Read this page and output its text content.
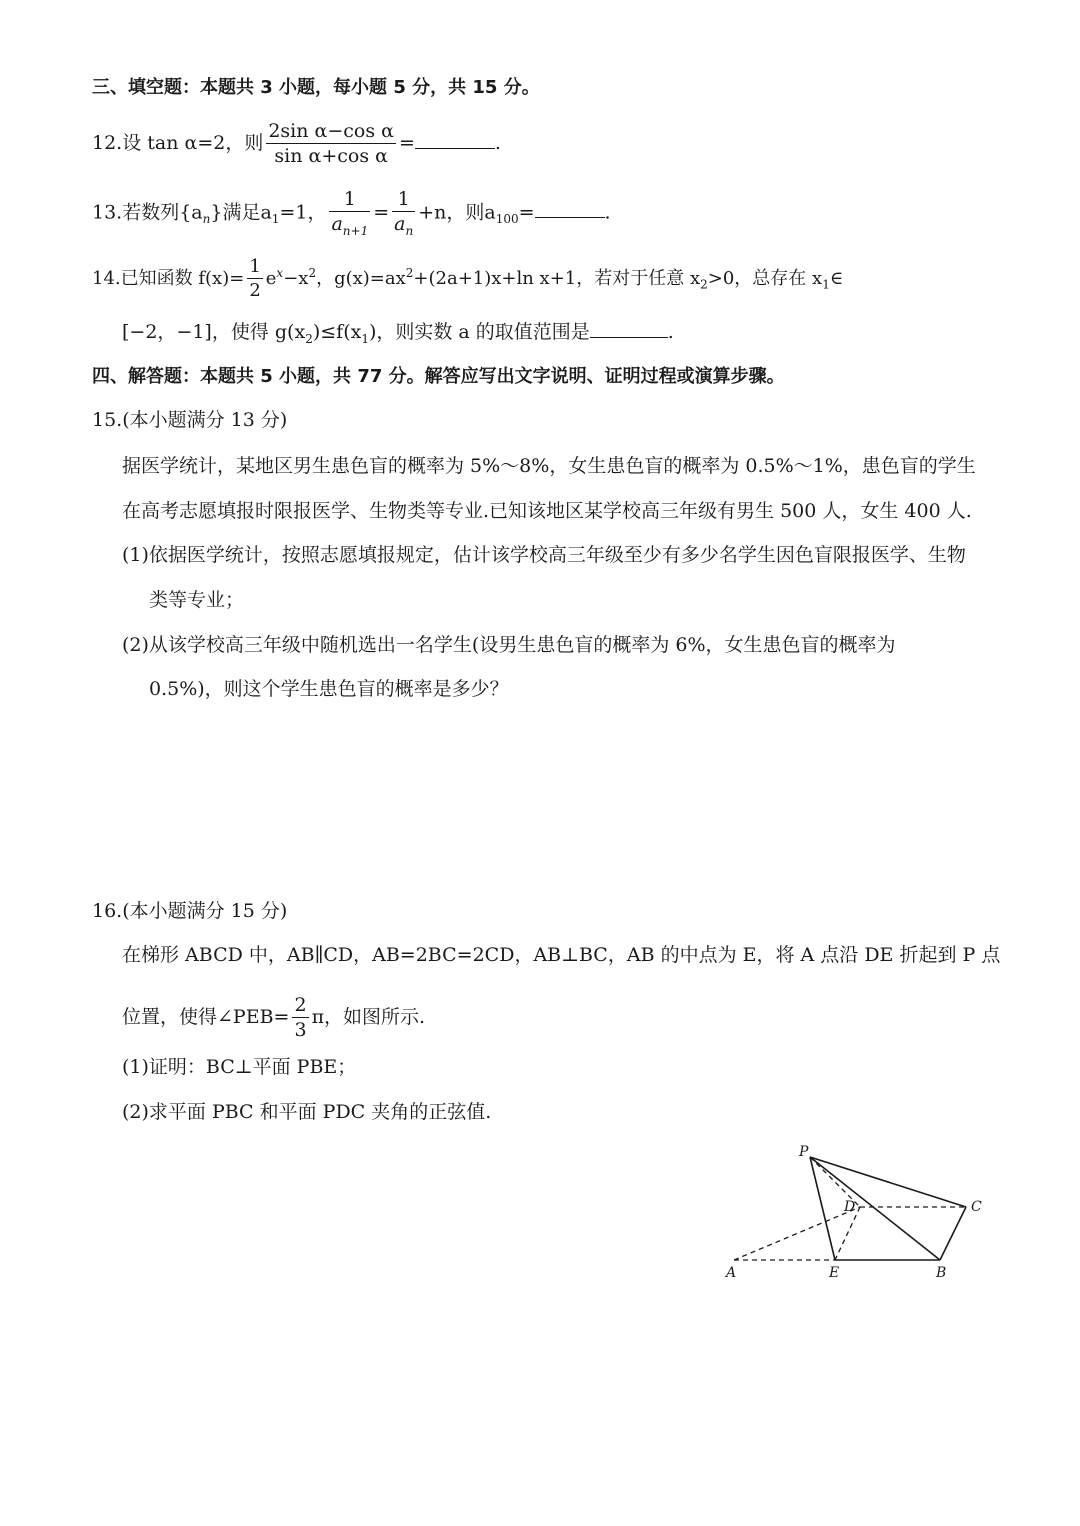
三、填空题：本题共 3 小题，每小题 5 分，共 15 分。
12.设 tan α=2，则 $\frac{\text{2sin α−cos α}}{\text{sin α+cos α}}$ =	.
13.若数列$\{a_n\}$满足$a_1=1$， $\frac{1}{a_{n+1}} = \frac{1}{a_n} +n$，则$a_{100}=$	.
14.已知函数 $f(x)= \frac{1}{2} e^x-x^2$，$g(x)=ax^2+(2a+1)x+\ln$ x+1，若对于任意 $x_2>0$，总存在 $x_1\in$
[−2，−1]，使得 $g(x_2)\le f(x_1)$，则实数 a 的取值范围是	.
四、解答题：本题共 5 小题，共 77 分。解答应写出文字说明、证明过程或演算步骤。
15.(本小题满分 13 分)
据医学统计，某地区男生患色盲的概率为 5%～8%，女生患色盲的概率为 0.5%～1%，患色盲的学生
在高考志愿填报时限报医学、生物类等专业.已知该地区某学校高三年级有男生 500 人，女生 400 人.
(1)依据医学统计，按照志愿填报规定，估计该学校高三年级至少有多少名学生因色盲限报医学、生物
类等专业；
(2)从该学校高三年级中随机选出一名学生(设男生患色盲的概率为 6%，女生患色盲的概率为
0.5%)，则这个学生患色盲的概率是多少？
16.(本小题满分 15 分)
在梯形 ABCD 中，AB∥CD，AB=2BC=2CD，AB⊥BC，AB 的中点为 E，将 A 点沿 DE 折起到 P 点
位置，使得∠PEB= $\frac{2}{3}$ π，如图所示.
(1)证明：BC⊥平面 PBE；
(2)求平面 PBC 和平面 PDC 夹角的正弦值.
P
D	C
A	E	B
